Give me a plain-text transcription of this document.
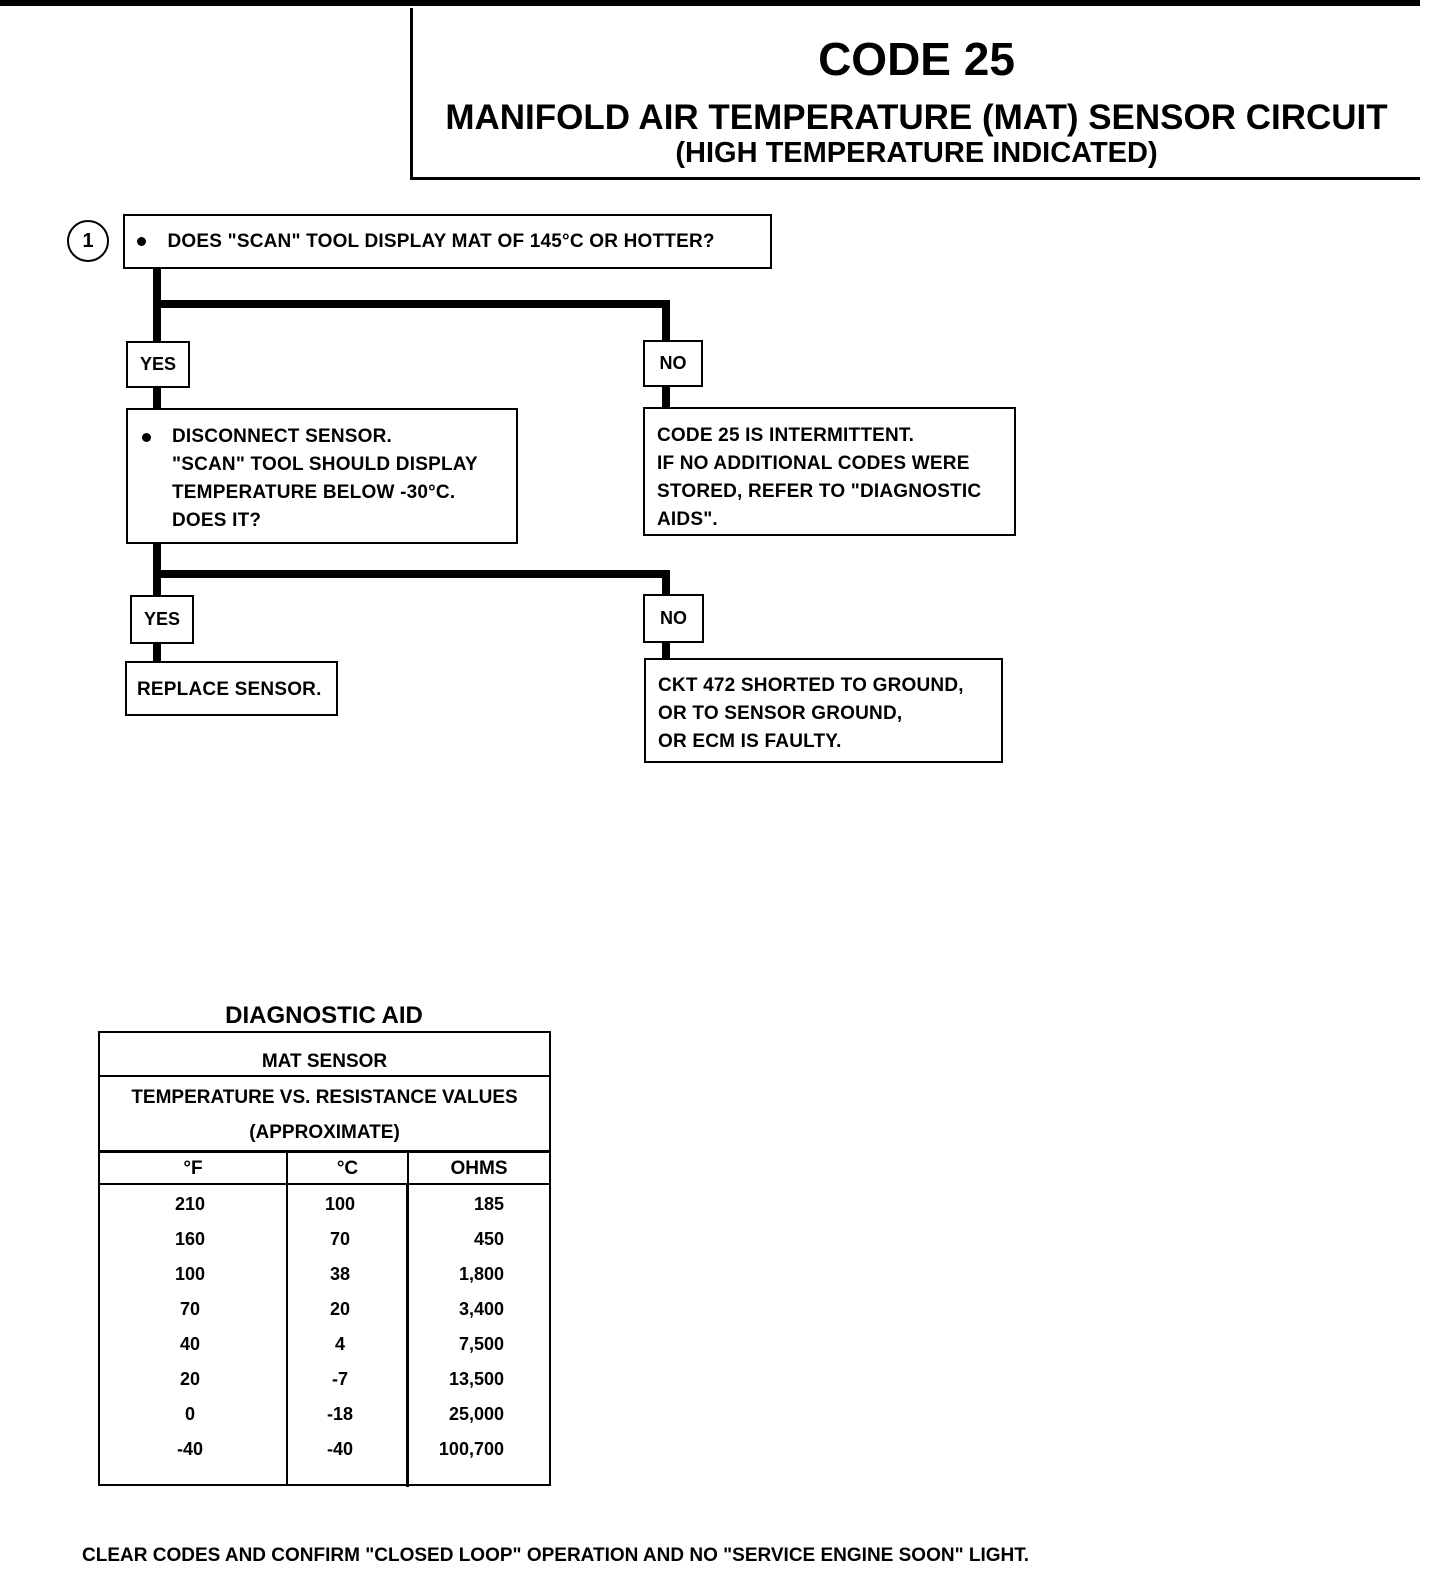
CODE 25
MANIFOLD AIR TEMPERATURE (MAT) SENSOR CIRCUIT
(HIGH TEMPERATURE INDICATED)
1	DOES "SCAN" TOOL DISPLAY MAT OF 145°C OR HOTTER?
YES	NO
DISCONNECT SENSOR.
"SCAN" TOOL SHOULD DISPLAY
TEMPERATURE BELOW -30°C.
DOES IT?
CODE 25 IS INTERMITTENT.
IF NO ADDITIONAL CODES WERE
STORED, REFER TO "DIAGNOSTIC
AIDS".
YES	NO
REPLACE SENSOR.	CKT 472 SHORTED TO GROUND,
OR TO SENSOR GROUND,
OR ECM IS FAULTY.
DIAGNOSTIC AID
MAT SENSOR
TEMPERATURE VS. RESISTANCE VALUES
(APPROXIMATE)
°F	°C	OHMS
210	100	185
160	70	450
100	38	1,800
70	20	3,400
40	4	7,500
20	-7	13,500
0	-18	25,000
-40	-40	100,700
CLEAR CODES AND CONFIRM "CLOSED LOOP" OPERATION AND NO "SERVICE ENGINE SOON" LIGHT.
